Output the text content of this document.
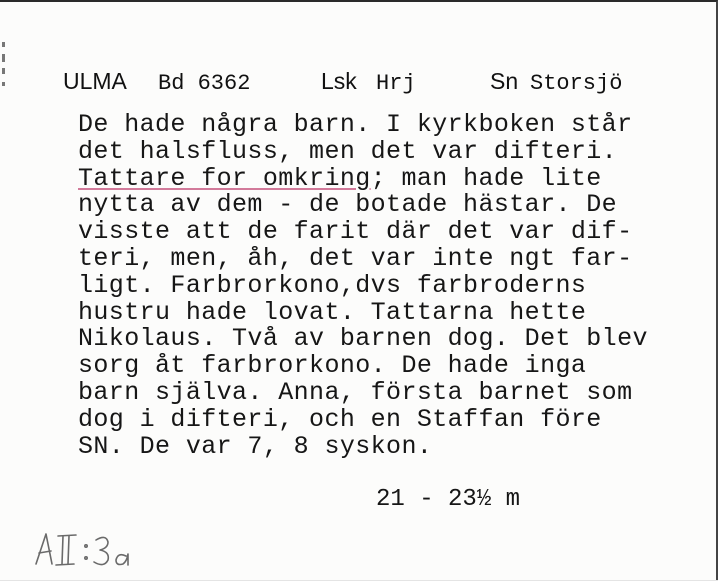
ULMA Bd 6362	Lsk Hrj	Sn Storsjö
De hade några barn. I kyrkboken står
det halsfluss, men det var difteri.
Tattare for omkring; man hade lite
nytta av dem - de botade hästar. De
visste att de farit där det var dif-
teri, men, åh, det var inte ngt far-
ligt. Farbrorkono,dvs farbroderns
hustru hade lovat. Tattarna hette
Nikolaus. Två av barnen dog. Det blev
sorg åt farbrorkono. De hade inga
barn själva. Anna, första barnet som
dog i difteri, och en Staffan före
SN. De var 7, 8 syskon.
21 - 23½ m
